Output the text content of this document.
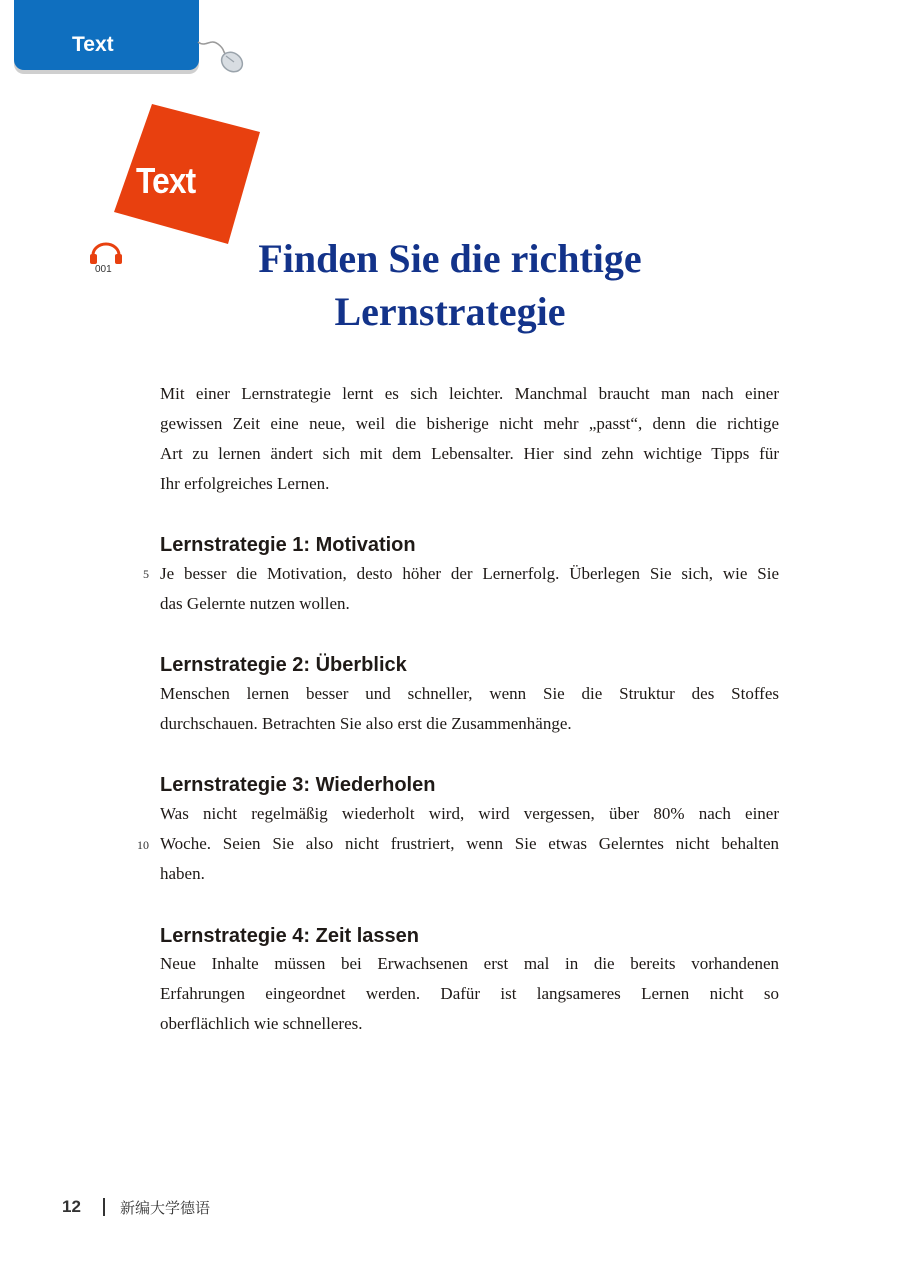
Text
Text
001	Finden Sie die richtige
Lernstrategie
Mit einer Lernstrategie lernt es sich leichter. Manchmal braucht man nach einer
gewissen Zeit eine neue, weil die bisherige nicht mehr „passt“, denn die richtige
Art zu lernen ändert sich mit dem Lebensalter. Hier sind zehn wichtige Tipps für
Ihr erfolgreiches Lernen.
Lernstrategie 1: Motivation
5 Je besser die Motivation, desto höher der Lernerfolg. Überlegen Sie sich, wie Sie
das Gelernte nutzen wollen.
Lernstrategie 2: Überblick
Menschen lernen besser und schneller, wenn Sie die Struktur des Stoffes
durchschauen. Betrachten Sie also erst die Zusammenhänge.
Lernstrategie 3: Wiederholen
10
Was nicht regelmäßig wiederholt wird, wird vergessen, über 80% nach einer
Woche. Seien Sie also nicht frustriert, wenn Sie etwas Gelerntes nicht behalten
haben.
Lernstrategie 4: Zeit lassen
Neue Inhalte müssen bei Erwachsenen erst mal in die bereits vorhandenen
Erfahrungen eingeordnet werden. Dafür ist langsameres Lernen nicht so
oberflächlich wie schnelleres.
12	新编大学德语
